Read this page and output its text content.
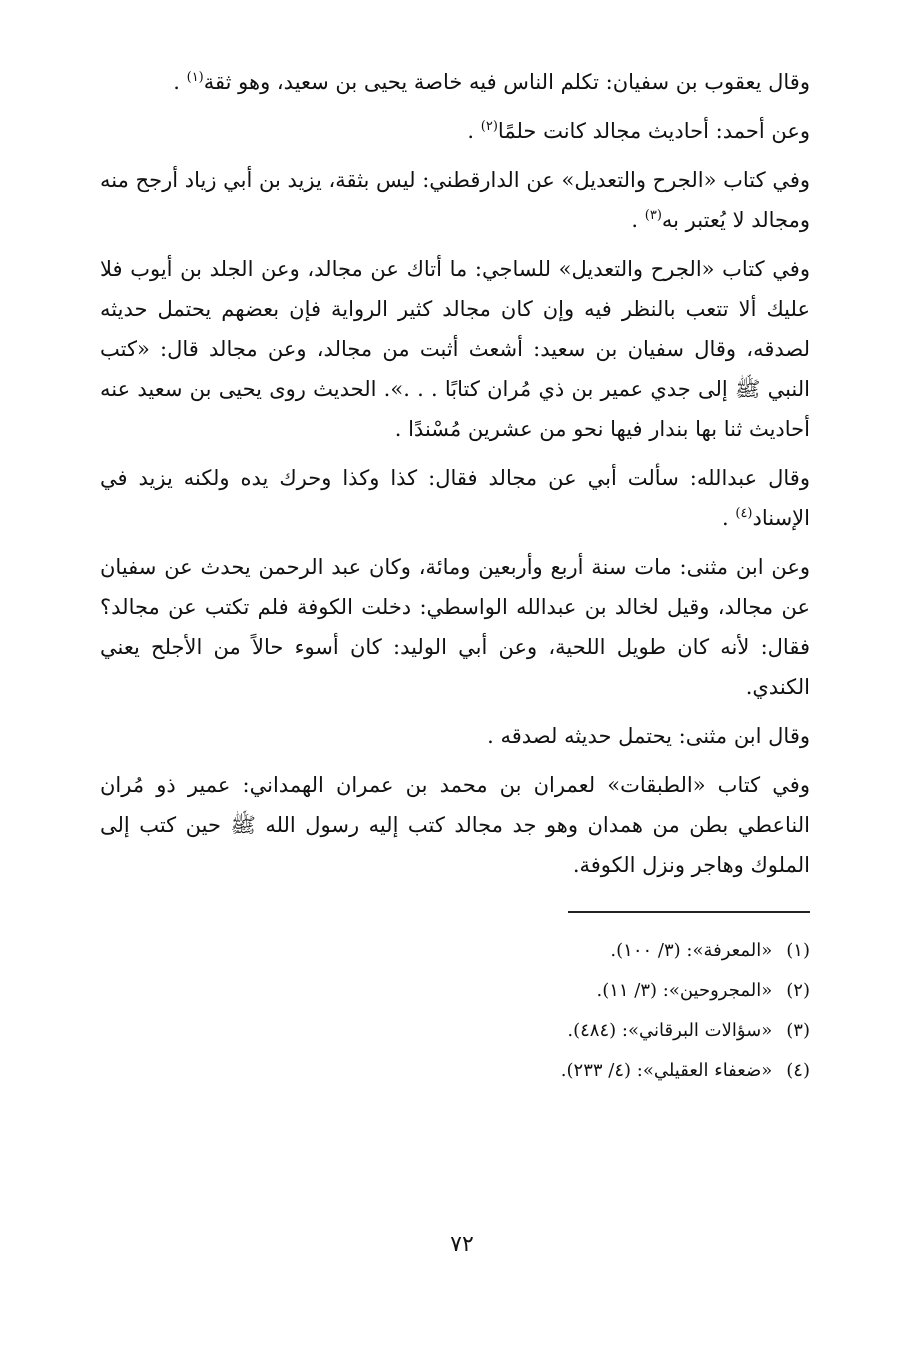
وقال يعقوب بن سفيان: تكلم الناس فيه خاصة يحيى بن سعيد، وهو ثقة$^{(١)}$ .

وعن أحمد: أحاديث مجالد كانت حلمًا$^{(٢)}$ .

وفي كتاب «الجرح والتعديل» عن الدارقطني: ليس بثقة، يزيد بن أبي زياد أرجح منه ومجالد لا يُعتبر به$^{(٣)}$ .

وفي كتاب «الجرح والتعديل» للساجي: ما أتاك عن مجالد، وعن الجلد بن أيوب فلا عليك ألا تتعب بالنظر فيه وإن كان مجالد كثير الرواية فإن بعضهم يحتمل حديثه لصدقه، وقال سفيان بن سعيد: أشعث أثبت من مجالد، وعن مجالد قال: «كتب النبي ﷺ إلى جدي عمير بن ذي مُران كتابًا . . .». الحديث روى يحيى بن سعيد عنه أحاديث ثنا بها بندار فيها نحو من عشرين مُسْندًا .

وقال عبدالله: سألت أبي عن مجالد فقال: كذا وكذا وحرك يده ولكنه يزيد في الإسناد$^{(٤)}$ .

وعن ابن مثنى: مات سنة أربع وأربعين ومائة، وكان عبد الرحمن يحدث عن سفيان عن مجالد، وقيل لخالد بن عبدالله الواسطي: دخلت الكوفة فلم تكتب عن مجالد؟ فقال: لأنه كان طويل اللحية، وعن أبي الوليد: كان أسوء حالاً من الأجلح يعني الكندي.

وقال ابن مثنى: يحتمل حديثه لصدقه .

وفي كتاب «الطبقات» لعمران بن محمد بن عمران الهمداني: عمير ذو مُران الناعطي بطن من همدان وهو جد مجالد كتب إليه رسول الله ﷺ حين كتب إلى الملوك وهاجر ونزل الكوفة.

(١)«المعرفة»: (٣/ ١٠٠).

(٢)«المجروحين»: (٣/ ١١).

(٣)«سؤالات البرقاني»: (٤٨٤).

(٤)«ضعفاء العقيلي»: (٤/ ٢٣٣).

٧٢
